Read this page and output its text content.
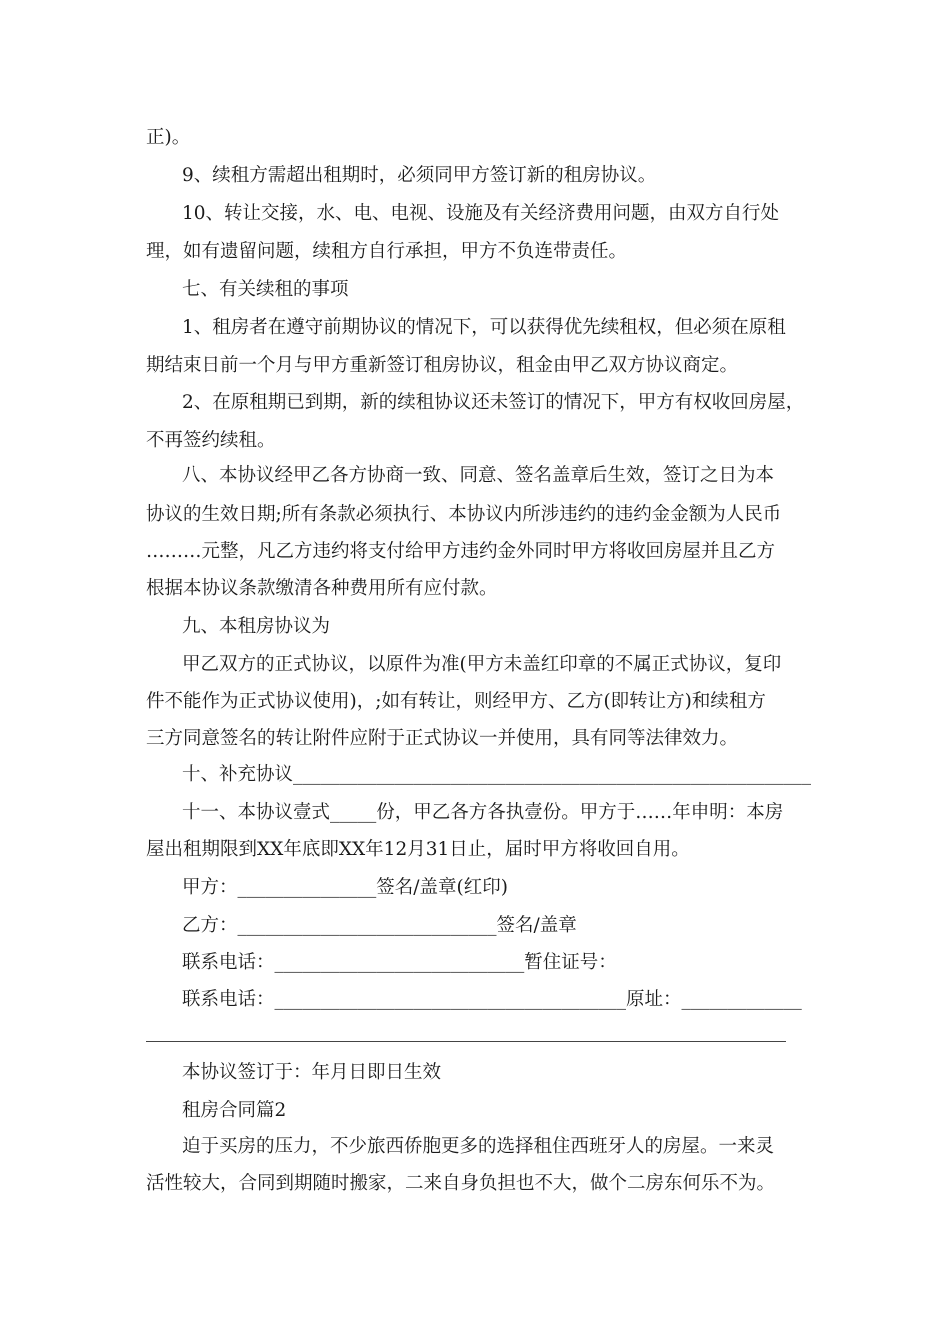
正)。
9、续租方需超出租期时，必须同甲方签订新的租房协议。
10、转让交接，水、电、电视、设施及有关经济费用问题，由双方自行处
理，如有遗留问题，续租方自行承担，甲方不负连带责任。
七、有关续租的事项
1、租房者在遵守前期协议的情况下，可以获得优先续租权，但必须在原租
期结束日前一个月与甲方重新签订租房协议，租金由甲乙双方协议商定。
2、在原租期已到期，新的续租协议还未签订的情况下，甲方有权收回房屋，
不再签约续租。
八、本协议经甲乙各方协商一致、同意、签名盖章后生效，签订之日为本
协议的生效日期;所有条款必须执行、本协议内所涉违约的违约金金额为人民币
………元整，凡乙方违约将支付给甲方违约金外同时甲方将收回房屋并且乙方
根据本协议条款缴清各种费用所有应付款。
九、本租房协议为
甲乙双方的正式协议，以原件为准(甲方未盖红印章的不属正式协议，复印
件不能作为正式协议使用)，;如有转让，则经甲方、乙方(即转让方)和续租方
三方同意签名的转让附件应附于正式协议一并使用，具有同等法律效力。
十、补充协议________________________________________________________
十一、本协议壹式_____份，甲乙各方各执壹份。甲方于……年申明：本房
屋出租期限到XX年底即XX年12月31日止，届时甲方将收回自用。
甲方：_______________签名/盖章(红印)
乙方：____________________________签名/盖章
联系电话：___________________________暂住证号：
联系电话：______________________________________原址：_____________
本协议签订于：年月日即日生效
租房合同篇2
迫于买房的压力，不少旅西侨胞更多的选择租住西班牙人的房屋。一来灵
活性较大，合同到期随时搬家，二来自身负担也不大，做个二房东何乐不为。
